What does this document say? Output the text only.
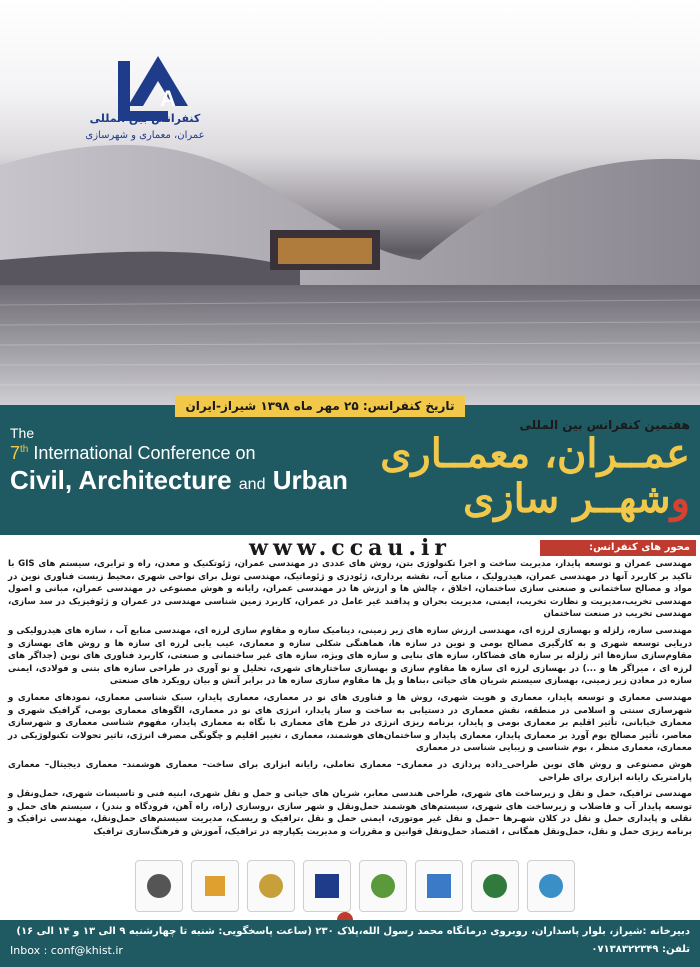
A
کنفرانس بین المللی
عمران، معماری و شهرسازی
تاریخ کنفرانس: ۲۵ مهر ماه ۱۳۹۸ شیراز-ایران
هفتمین کنفرانس بین المللی
عمــران، معمــاری
وشهــر سازی
The
7th International Conference on
Civil, Architecture and Urban
www.ccau.ir	محور های کنفرانس:
مهندسی عمران و توسعه پایدار، مدیریت ساخت و اجرا تکنولوژی بتن، روش های عددی در مهندسی عمران، ژئوتکنیک و معدن، راه و ترابری، سیستم های GIS با تاکید بر کاربرد آنها در مهندسی عمران، هیدرولیک ، منابع آب، نقشه برداری، ژئودزی و ژئوماتیک، مهندسی تونل برای نواحی شهری ،محیط زیست فناوری نوین در مواد و مصالح ساختمانی و صنعتی سازی ساختمان، اخلاق ، چالش ها و ارزش ها در مهندسی عمران، رایانه و هوش مصنوعی در مهندسی عمران، مبانی و اصول مهندسی تخریب،مدیریت و نظارت تخریب، ایمنی، مدیریت بحران و پدافند غیر عامل در عمران، کاربرد زمین شناسی مهندسی در عمران و ژئوفیزیک در سد سازی، مهندسی تخریب در صنعت ساختمان
مهندسی سازه، زلزله و بهسازی لرزه ای، مهندسی ارزش سازه های زیر زمینی، دینامیک سازه و مقاوم سازی لرزه ای، مهندسی منابع آب ، سازه های هیدرولیکی و دریایی توسعه شهری و به کارگیری مصالح بومی و نوین در سازه ها، هماهنگی شکلی سازه و معماری، عیب یابی لرزه ای سازه ها و روش های بهسازی و مقاوم‌سازی سازه‌ها اثر زلزله بر سازه های فضاکار، سازه های بنایی و سازه های ویژه، سازه های غیر ساختمانی و صنعتی، کاربرد فناوری های نوین (جداگر های لرزه ای ، میراگر ها و ...) در بهسازی لرزه ای سازه ها مقاوم سازی و بهسازی ساختارهای شهری، تحلیل و نو آوری در طراحی سازه های بتنی و فولادی، ایمنی سازه در معادن زیر زمینی، بهسازی سیستم شریان های حیاتی ،بناها و پل ها مقاوم سازی سازه ها در برابر آتش و بیان رویکرد های صنعتی
مهندسی معماری و توسعه پایدار، معماری و هویت شهری، روش ها و فناوری های نو در معماری، معماری پایدار، سبک شناسی معماری، نمودهای معماری و شهرسازی سنتی و اسلامی در منطقه، نقش معماری در دستیابی به ساخت و ساز پایدار، انرژی های نو در معماری، الگوهای معماری بومی، گرافیک شهری و معماری خیابانی، تأثیر اقلیم بر معماری بومی و پایدار، برنامه ریزی انرژی در طرح های معماری با نگاه به معماری پایدار، مفهوم شناسی معماری و شهرسازی معاصر، تأثیر مصالح بوم آورد بر معماری پایدار، معماری پایدار و ساختمان‌های هوشمند، معماری ، تغییر اقلیم و چگونگی مصرف انرژی، تاثیر تحولات تکنولوژیکی در معماری، معماری منظر ، بوم شناسی و زیبایی شناسی در معماری
هوش مصنوعی و روش های نوین طراحی_داده پردازی در معماری– معماری تعاملی، رایانه ابزاری برای ساخت– معماری هوشمند– معماری دیجیتال– معماری پارامتریک رایانه ابزاری برای طراحی
مهندسی ترافیک، حمل و نقل و زیرساخت های شهری، طراحی هندسی معابر، شریان های حیاتی و حمل و نقل شهری، ابنیه فنی و تاسیسات شهری، حمل‌ونقل و توسعه پایدار آب و فاضلاب و زیرساخت های شهری، سیستم‌های هوشمند حمل‌ونقل و شهر سازی ،روسازی (راه، راه آهن، فرودگاه و بندر) ، سیستم های حمل و نقلی و پایداری حمل و نقل در کلان شهـرها –حمل و نقل غیر موتوری، ایمنی حمل و نقل ،ترافیک و ریسـک، مدیریت سیستم‌های حمل‌ونقل، مهندسی ترافیک و برنامه ریزی حمل و نقل، حمل‌ونقل همگانی ، اقتصاد حمل‌ونقل قوانین و مقررات و مدیریت یکپارچه در ترافیک، آموزش و فرهنگ‌سازی ترافیک
دبیرخانه :شیراز، بلوار پاسداران، روبروی درمانگاه محمد رسول الله،پلاک ۲۳۰ (ساعت پاسخگویی: شنبه تا چهارشنبه ۹ الی ۱۳ و ۱۴ الی ۱۶)
تلفن: ۰۷۱۳۸۳۲۲۳۴۹
Inbox : conf@khist.ir
